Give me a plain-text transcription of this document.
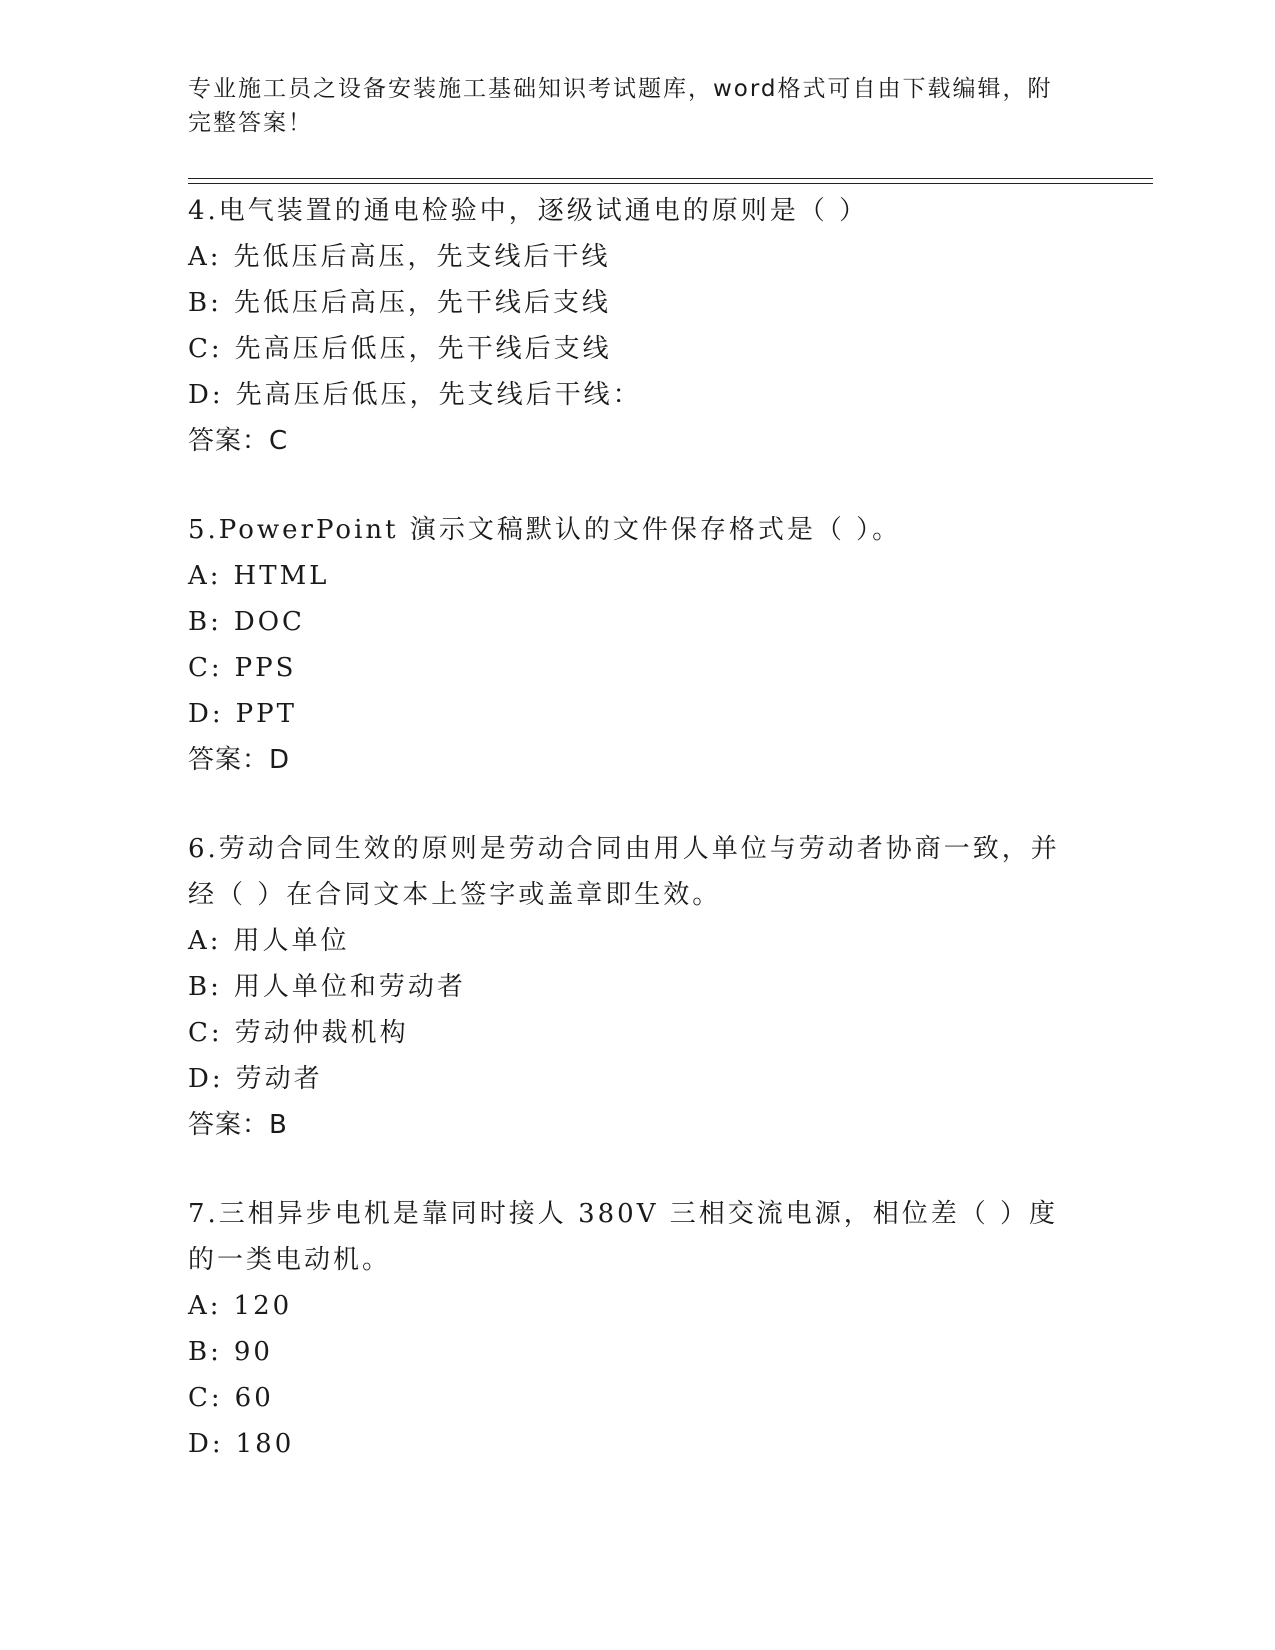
专业施工员之设备安装施工基础知识考试题库，word格式可自由下载编辑，附完整答案！
4.电气装置的通电检验中，逐级试通电的原则是（ ）
A: 先低压后高压，先支线后干线
B: 先低压后高压，先干线后支线
C: 先高压后低压，先干线后支线
D: 先高压后低压，先支线后干线：
答案：C
5.PowerPoint 演示文稿默认的文件保存格式是（ ）。
A: HTML
B: DOC
C: PPS
D: PPT
答案：D
6.劳动合同生效的原则是劳动合同由用人单位与劳动者协商一致，并经（ ）在合同文本上签字或盖章即生效。
A: 用人单位
B: 用人单位和劳动者
C: 劳动仲裁机构
D: 劳动者
答案：B
7.三相异步电机是靠同时接人 380V 三相交流电源，相位差（ ）度的一类电动机。
A: 120
B: 90
C: 60
D: 180
